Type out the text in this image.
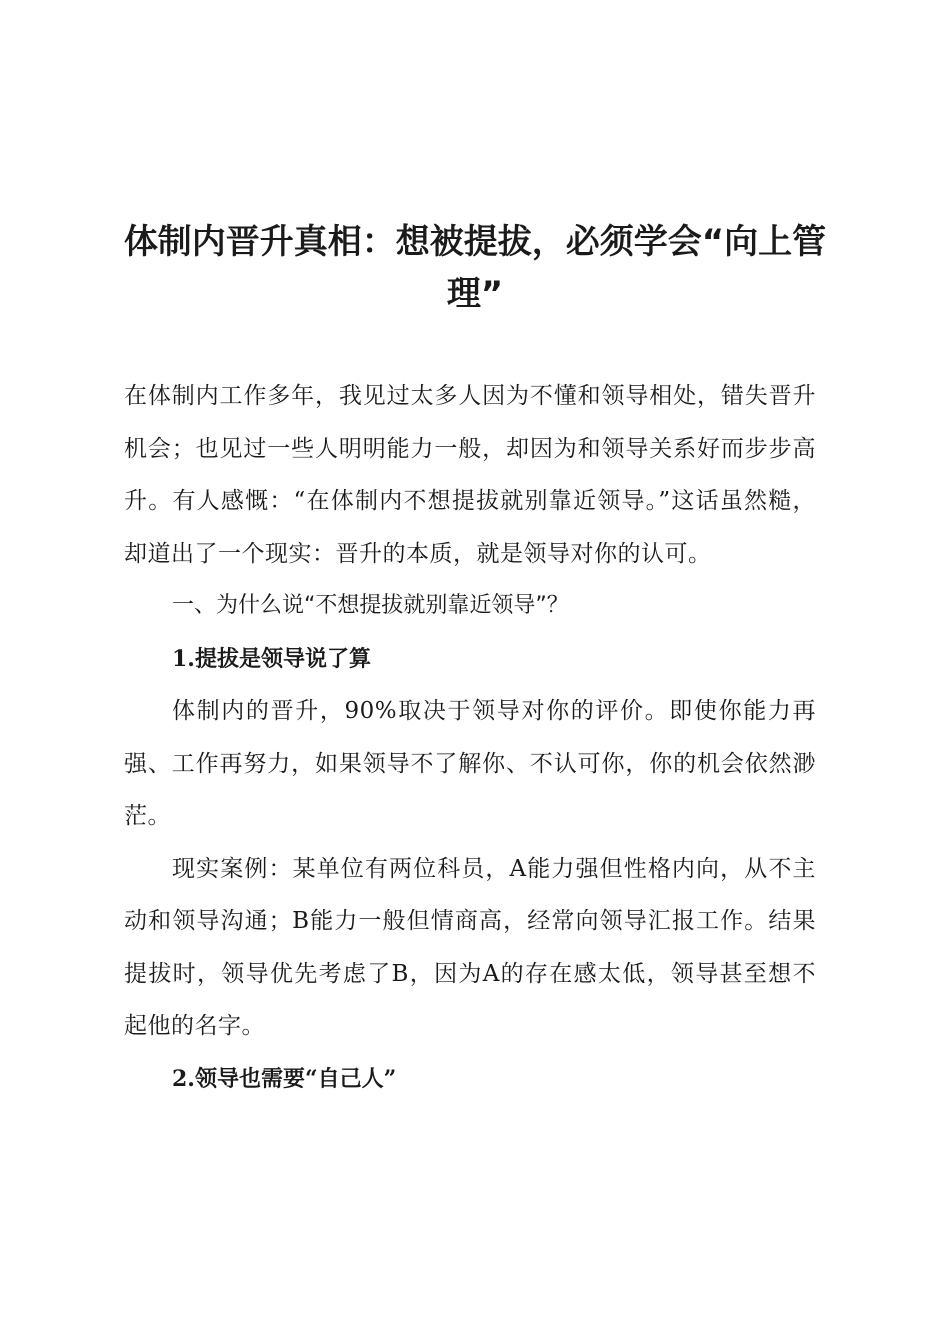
体制内晋升真相：想被提拔，必须学会“向上管理”

在体制内工作多年，我见过太多人因为不懂和领导相处，错失晋升机会；也见过一些人明明能力一般，却因为和领导关系好而步步高升。有人感慨：“在体制内不想提拔就别靠近领导。”这话虽然糙，却道出了一个现实：晋升的本质，就是领导对你的认可。

一、为什么说“不想提拔就别靠近领导”？

1.提拔是领导说了算

体制内的晋升，90%取决于领导对你的评价。即使你能力再强、工作再努力，如果领导不了解你、不认可你，你的机会依然渺茫。

现实案例：某单位有两位科员，A能力强但性格内向，从不主动和领导沟通；B能力一般但情商高，经常向领导汇报工作。结果提拔时，领导优先考虑了B，因为A的存在感太低，领导甚至想不起他的名字。

2.领导也需要“自己人”
